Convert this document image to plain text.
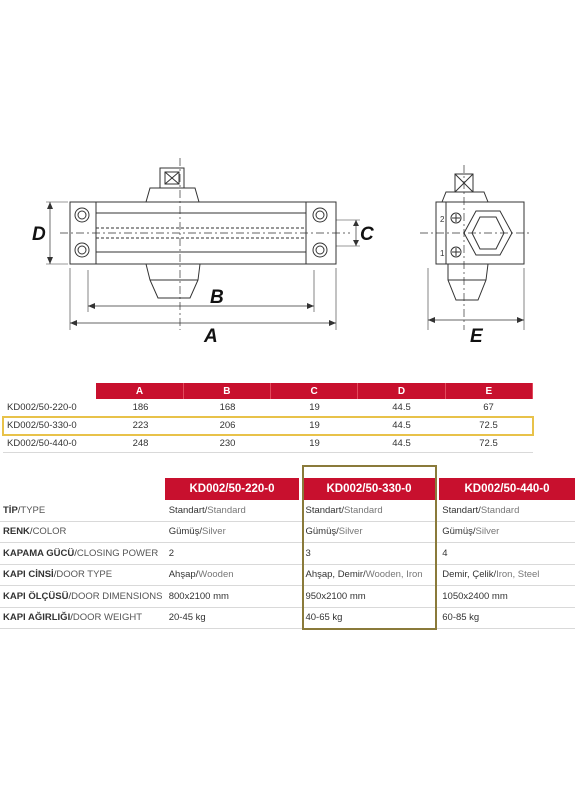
D	C
B
A	E
2
1
A	B	C	D	E
KD002/50-220-0	186	168	19	44.5	67
KD002/50-330-0	223	206	19	44.5	72.5
KD002/50-440-0	248	230	19	44.5	72.5
KD002/50-220-0	KD002/50-330-0	KD002/50-440-0
TİP/TYPE	Standart/Standard	Standart/Standard	Standart/Standard
RENK/COLOR	Gümüş/Silver	Gümüş/Silver	Gümüş/Silver
KAPAMA GÜCÜ/CLOSING POWER	2	3	4
KAPI CİNSİ/DOOR TYPE	Ahşap/Wooden	Ahşap, Demir/Wooden, Iron	Demir, Çelik/Iron, Steel
KAPI ÖLÇÜSÜ/DOOR DIMENSIONS 800x2100 mm	950x2100 mm	1050x2400 mm
KAPI AĞIRLIĞI/DOOR WEIGHT	20-45 kg	40-65 kg	60-85 kg
